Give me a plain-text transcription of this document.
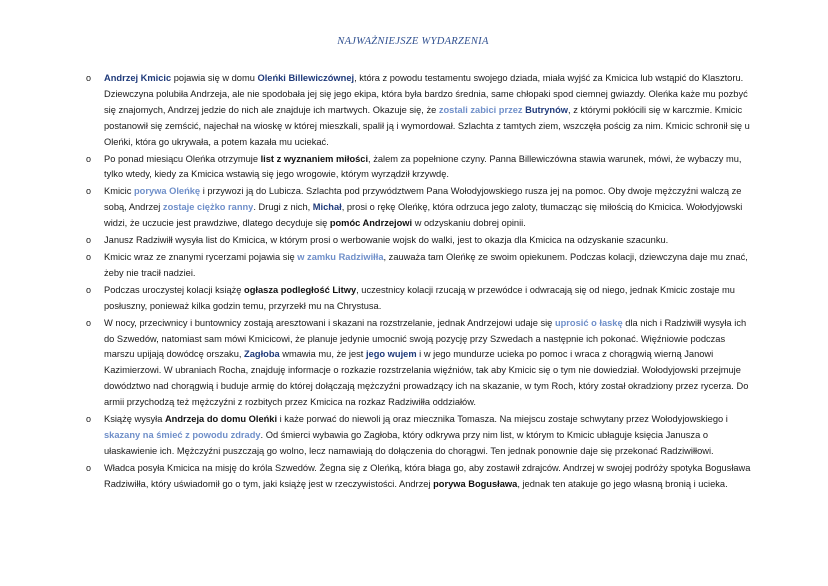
NAJWAŻNIEJSZE WYDARZENIA
o Andrzej Kmicic pojawia się w domu Oleńki Billewiczównej, która z powodu testamentu swojego dziada, miała wyjść za Kmicica lub wstąpić do Klasztoru. Dziewczyna polubiła Andrzeja, ale nie spodobała jej się jego ekipa, która była bardzo średnia, same chłopaki spod ciemnej gwiazdy. Oleńka każe mu pozbyć się znajomych, Andrzej jedzie do nich ale znajduje ich martwych. Okazuje się, że zostali zabici przez Butrynów, z którymi pokłócili się w karczmie. Kmicic postanowił się zemścić, najechał na wioskę w której mieszkali, spalił ją i wymordował. Szlachta z tamtych ziem, wszczęła pościg za nim. Kmicic schronił się u Oleńki, która go ukrywała, a potem kazała mu uciekać.
o Po ponad miesiącu Oleńka otrzymuje list z wyznaniem miłości, żalem za popełnione czyny. Panna Billewiczówna stawia warunek, mówi, że wybaczy mu, tylko wtedy, kiedy za Kmicica wstawią się jego wrogowie, którym wyrządził krzywdę.
o Kmicic porywa Oleńkę i przywozi ją do Lubicza. Szlachta pod przywództwem Pana Wołodyjowskiego rusza jej na pomoc. Oby dwoje mężczyźni walczą ze sobą, Andrzej zostaje ciężko ranny. Drugi z nich, Michał, prosi o rękę Oleńkę, która odrzuca jego zaloty, tłumacząc się miłością do Kmicica. Wołodyjowski widzi, że uczucie jest prawdziwe, dlatego decyduje się pomóc Andrzejowi w odzyskaniu dobrej opinii.
o Janusz Radziwiłł wysyła list do Kmicica, w którym prosi o werbowanie wojsk do walki, jest to okazja dla Kmicica na odzyskanie szacunku.
o Kmicic wraz ze znanymi rycerzami pojawia się w zamku Radziwiłła, zauważa tam Oleńkę ze swoim opiekunem. Podczas kolacji, dziewczyna daje mu znać, żeby nie tracił nadziei.
o Podczas uroczystej kolacji książę ogłasza podległość Litwy, uczestnicy kolacji rzucają w przewódce i odwracają się od niego, jednak Kmicic zostaje mu posłuszny, ponieważ kilka godzin temu, przyrzekł mu na Chrystusa.
o W nocy, przeciwnicy i buntownicy zostają aresztowani i skazani na rozstrzelanie, jednak Andrzejowi udaje się uprosić o łaskę dla nich i Radziwiłł wysyła ich do Szwedów, natomiast sam mówi Kmicicowi, że planuje jedynie umocnić swoją pozycję przy Szwedach a następnie ich pokonać. Więźniowie podczas marszu upijają dowódcę orszaku, Zagłoba wmawia mu, że jest jego wujem i w jego mundurze ucieka po pomoc i wraca z chorągwią wierną Janowi Kazimierzowi. W ubraniach Rocha, znajduję informacje o rozkazie rozstrzelania więźniów, tak aby Kmicic się o tym nie dowiedział. Wołodyjowski przejmuje dowództwo nad chorągwią i buduje armię do której dołączają mężczyźni prowadzący ich na skazanie, w tym Roch, który został okradziony przez rycerza. Do armii przychodzą też mężczyźni z rozbitych przez Kmicica na rozkaz Radziwiłła oddziałów.
o Książę wysyła Andrzeja do domu Oleńki i każe porwać do niewoli ją oraz miecznika Tomasza. Na miejscu zostaje schwytany przez Wołodyjowskiego i skazany na śmieć z powodu zdrady. Od śmierci wybawia go Zagłoba, który odkrywa przy nim list, w którym to Kmicic ubłaguje księcia Janusza o ułaskawienie ich. Mężczyźni puszczają go wolno, lecz namawiają do dołączenia do chorągwi. Ten jednak ponownie daje się przekonać Radziwiłłowi.
o Władca posyła Kmicica na misję do króla Szwedów. Żegna się z Oleńką, która błaga go, aby zostawił zdrajców. Andrzej w swojej podróży spotyka Bogusława Radziwiłła, który uświadomił go o tym, jaki książę jest w rzeczywistości. Andrzej porywa Bogusława, jednak ten atakuje go jego własną bronią i ucieka.
